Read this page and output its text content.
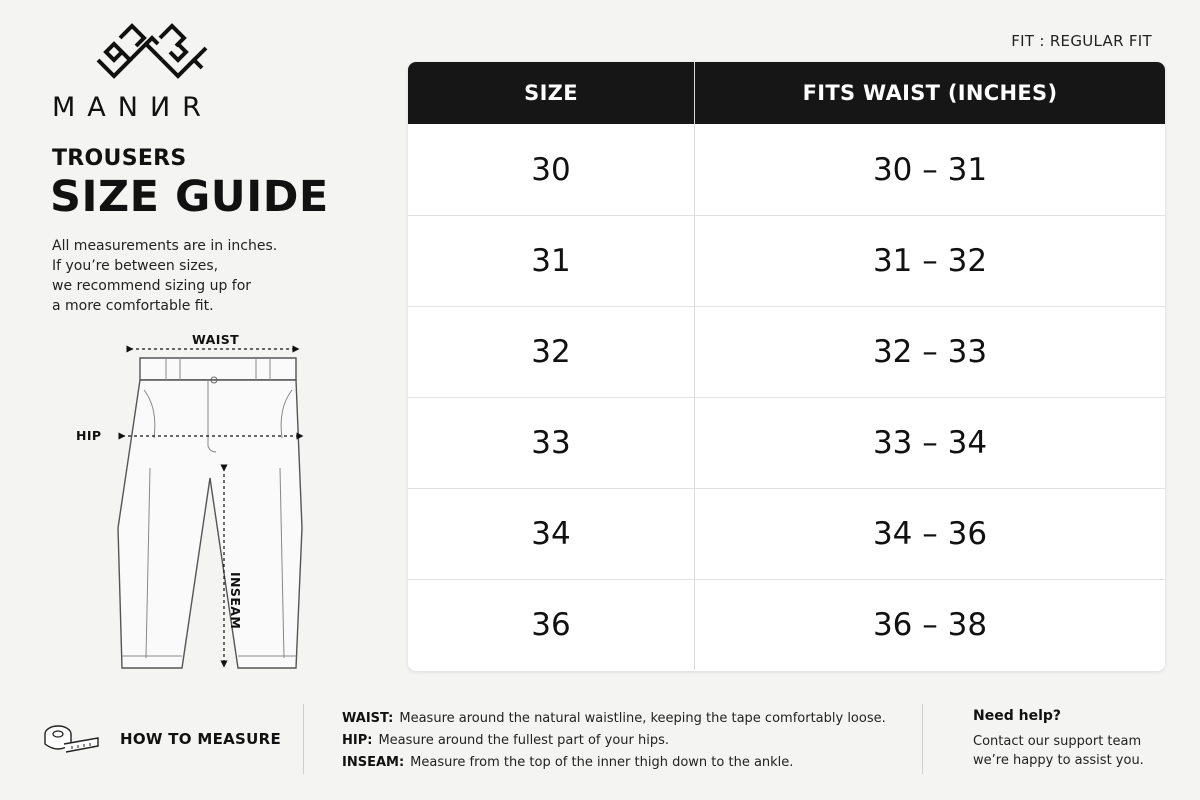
MANИR
FIT : REGULAR FIT
TROUSERS
SIZE GUIDE
All measurements are in inches.
If you’re between sizes,
we recommend sizing up for
a more comfortable fit.
WAIST
HIP
INSEAM
SIZE	FITS WAIST (INCHES)
30	30 – 31
31	31 – 32
32	32 – 33
33	33 – 34
34	34 – 36
36	36 – 38
HOW TO MEASURE
WAIST: Measure around the natural waistline, keeping the tape comfortably loose.
HIP: Measure around the fullest part of your hips.
INSEAM: Measure from the top of the inner thigh down to the ankle.
Need help?
Contact our support team
we’re happy to assist you.
